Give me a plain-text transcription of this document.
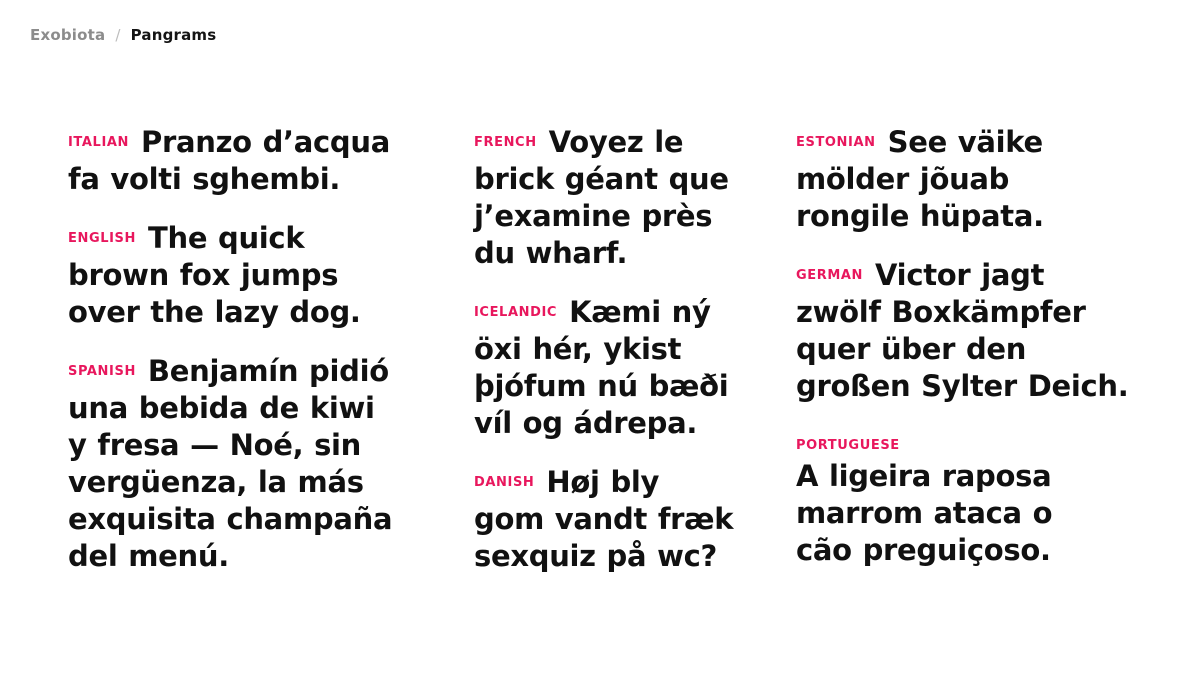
Exobiota / Pangrams
$^{ITALIAN}$ Pranzo d’acqua
fa volti sghembi.
$^{ENGLISH}$ The quick
brown fox jumps
over the lazy dog.
$^{SPANISH}$ Benjamín pidió
una bebida de kiwi
y fresa — Noé, sin
vergüenza, la más
exquisita champaña
del menú.
$^{FRENCH}$ Voyez le
brick géant que
j’examine près
du wharf.
$^{ICELANDIC}$ Kæmi ný
öxi hér, ykist
þjófum nú bæði
víl og ádrepa.
$^{DANISH}$ Høj bly
gom vandt fræk
sexquiz på wc?
$^{ESTONIAN}$ See väike
mölder jõuab
rongile hüpata.
$^{GERMAN}$ Victor jagt
zwölf Boxkämpfer
quer über den
großen Sylter Deich.
PORTUGUESE
A ligeira raposa
marrom ataca o
cão preguiçoso.
